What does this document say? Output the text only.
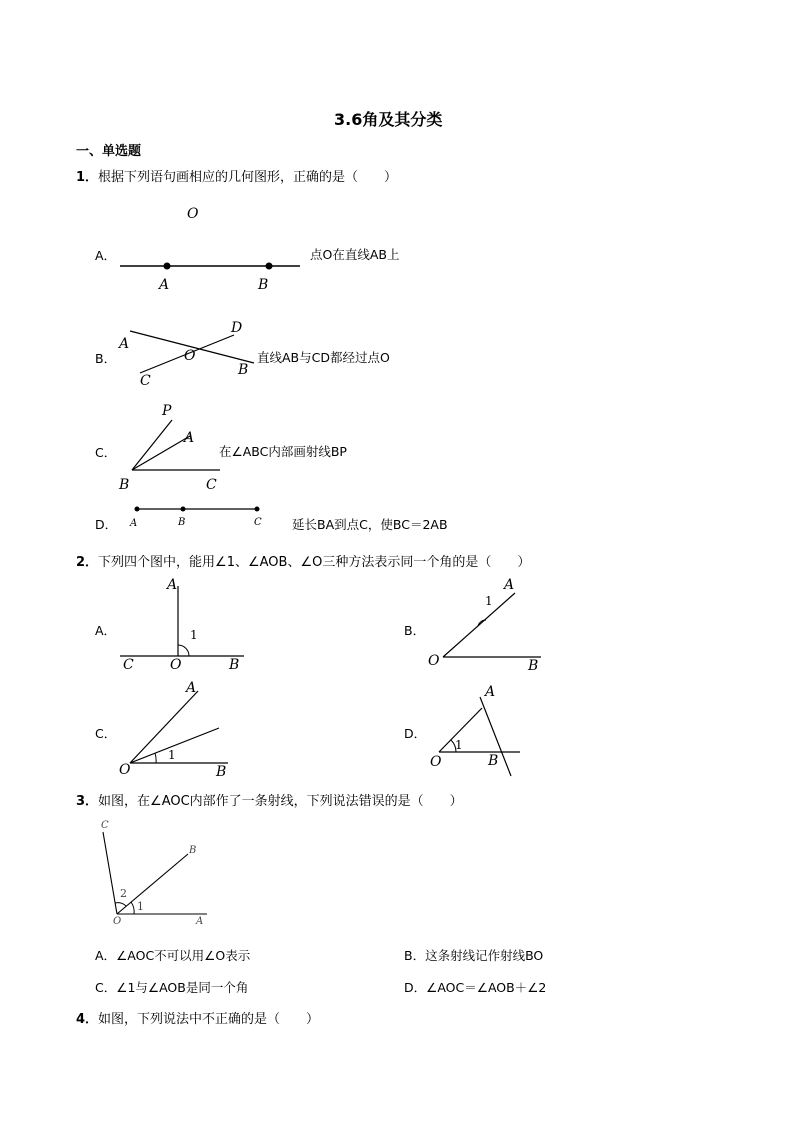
3.6角及其分类
一、单选题
1．根据下列语句画相应的几何图形，正确的是（　　）
A．
O
A	B
点O在直线AB上
B．
A
D
O
B
C
直线AB与CD都经过点O
C．
P
A
B	C
在∠ABC内部画射线BP
D． A	B	C 延长BA到点C，使BC＝2AB
2．下列四个图中，能用∠1、∠AOB、∠O三种方法表示同一个角的是（　　）
A．
A
1
C	O	B
B．
A
1
O	B
C．
A
1
O	B
D．
A
1
O	B
3．如图，在∠AOC内部作了一条射线，下列说法错误的是（　　）
C
B
2
1
O	A
A．∠AOC不可以用∠O表示	B．这条射线记作射线BO
C．∠1与∠AOB是同一个角	D．∠AOC＝∠AOB＋∠2
4．如图，下列说法中不正确的是（　　）
